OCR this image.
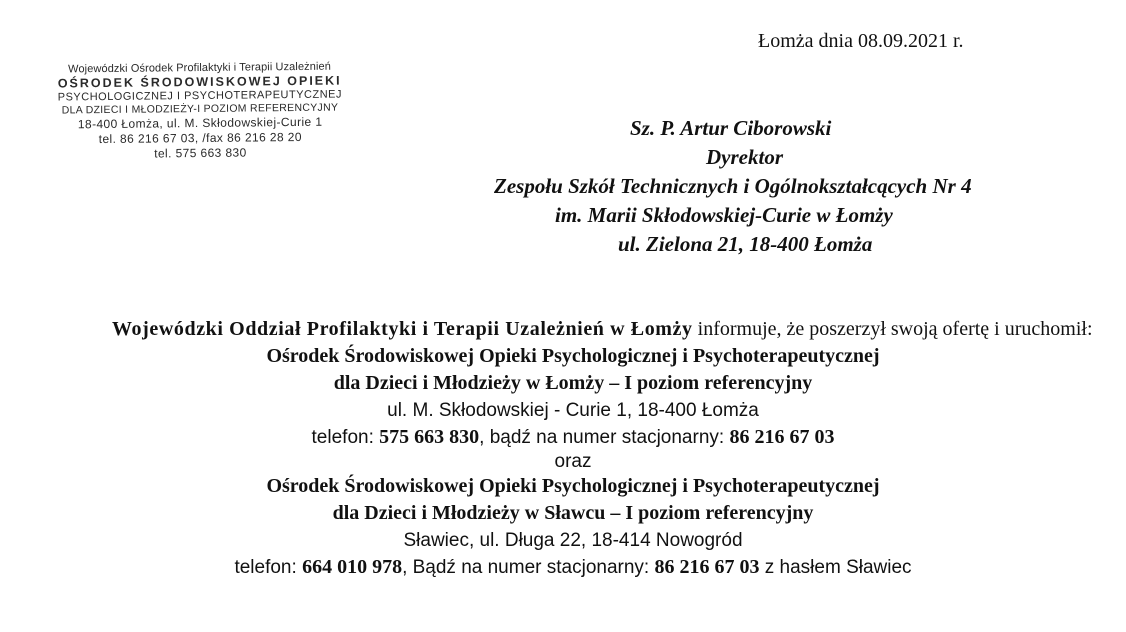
Łomża dnia 08.09.2021 r.
Wojewódzki Ośrodek Profilaktyki i Terapii Uzależnień
OŚRODEK ŚRODOWISKOWEJ OPIEKI
PSYCHOLOGICZNEJ I PSYCHOTERAPEUTYCZNEJ
DLA DZIECI I MŁODZIEŻY-I POZIOM REFERENCYJNY
18-400 Łomża, ul. M. Skłodowskiej-Curie 1
tel. 86 216 67 03, /fax 86 216 28 20
tel. 575 663 830
Sz. P. Artur Ciborowski
Dyrektor
Zespołu Szkół Technicznych i Ogólnokształcących Nr 4
im. Marii Skłodowskiej-Curie w Łomży
ul. Zielona 21, 18-400 Łomża

Wojewódzki Oddział Profilaktyki i Terapii Uzależnień w Łomży informuje, że poszerzył swoją ofertę i uruchomił:

Ośrodek Środowiskowej Opieki Psychologicznej i Psychoterapeutycznej

dla Dzieci i Młodzieży w Łomży – I poziom referencyjny

ul. M. Skłodowskiej - Curie 1, 18-400 Łomża

telefon: 575 663 830, bądź na numer stacjonarny: 86 216 67 03

oraz

Ośrodek Środowiskowej Opieki Psychologicznej i Psychoterapeutycznej

dla Dzieci i Młodzieży w Sławcu – I poziom referencyjny

Sławiec, ul. Długa 22, 18-414 Nowogród

telefon: 664 010 978, Bądź na numer stacjonarny: 86 216 67 03 z hasłem Sławiec
